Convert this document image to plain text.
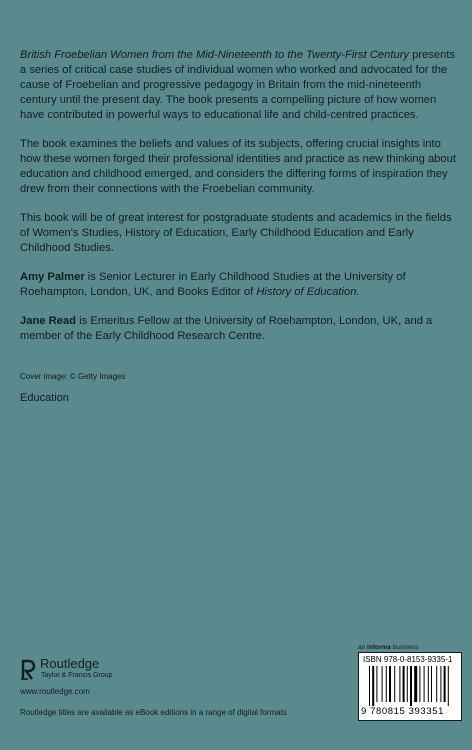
British Froebelian Women from the Mid-Nineteenth to the Twenty-First Century presents a series of critical case studies of individual women who worked and advocated for the cause of Froebelian and progressive pedagogy in Britain from the mid-nineteenth century until the present day. The book presents a compelling picture of how women have contributed in powerful ways to educational life and child-centred practices.

The book examines the beliefs and values of its subjects, offering crucial insights into how these women forged their professional identities and practice as new thinking about education and childhood emerged, and considers the differing forms of inspiration they drew from their connections with the Froebelian community.

This book will be of great interest for postgraduate students and academics in the fields of Women's Studies, History of Education, Early Childhood Education and Early Childhood Studies.

Amy Palmer is Senior Lecturer in Early Childhood Studies at the University of Roehampton, London, UK, and Books Editor of History of Education.

Jane Read is Emeritus Fellow at the University of Roehampton, London, UK, and a member of the Early Childhood Research Centre.

Cover image: © Getty Images
Education
Routledge
Taylor & Francis Group
www.routledge.com
Routledge titles are available as eBook editions in a range of digital formats
an informa business
ISBN 978-0-8153-9335-1
9 780815 393351
